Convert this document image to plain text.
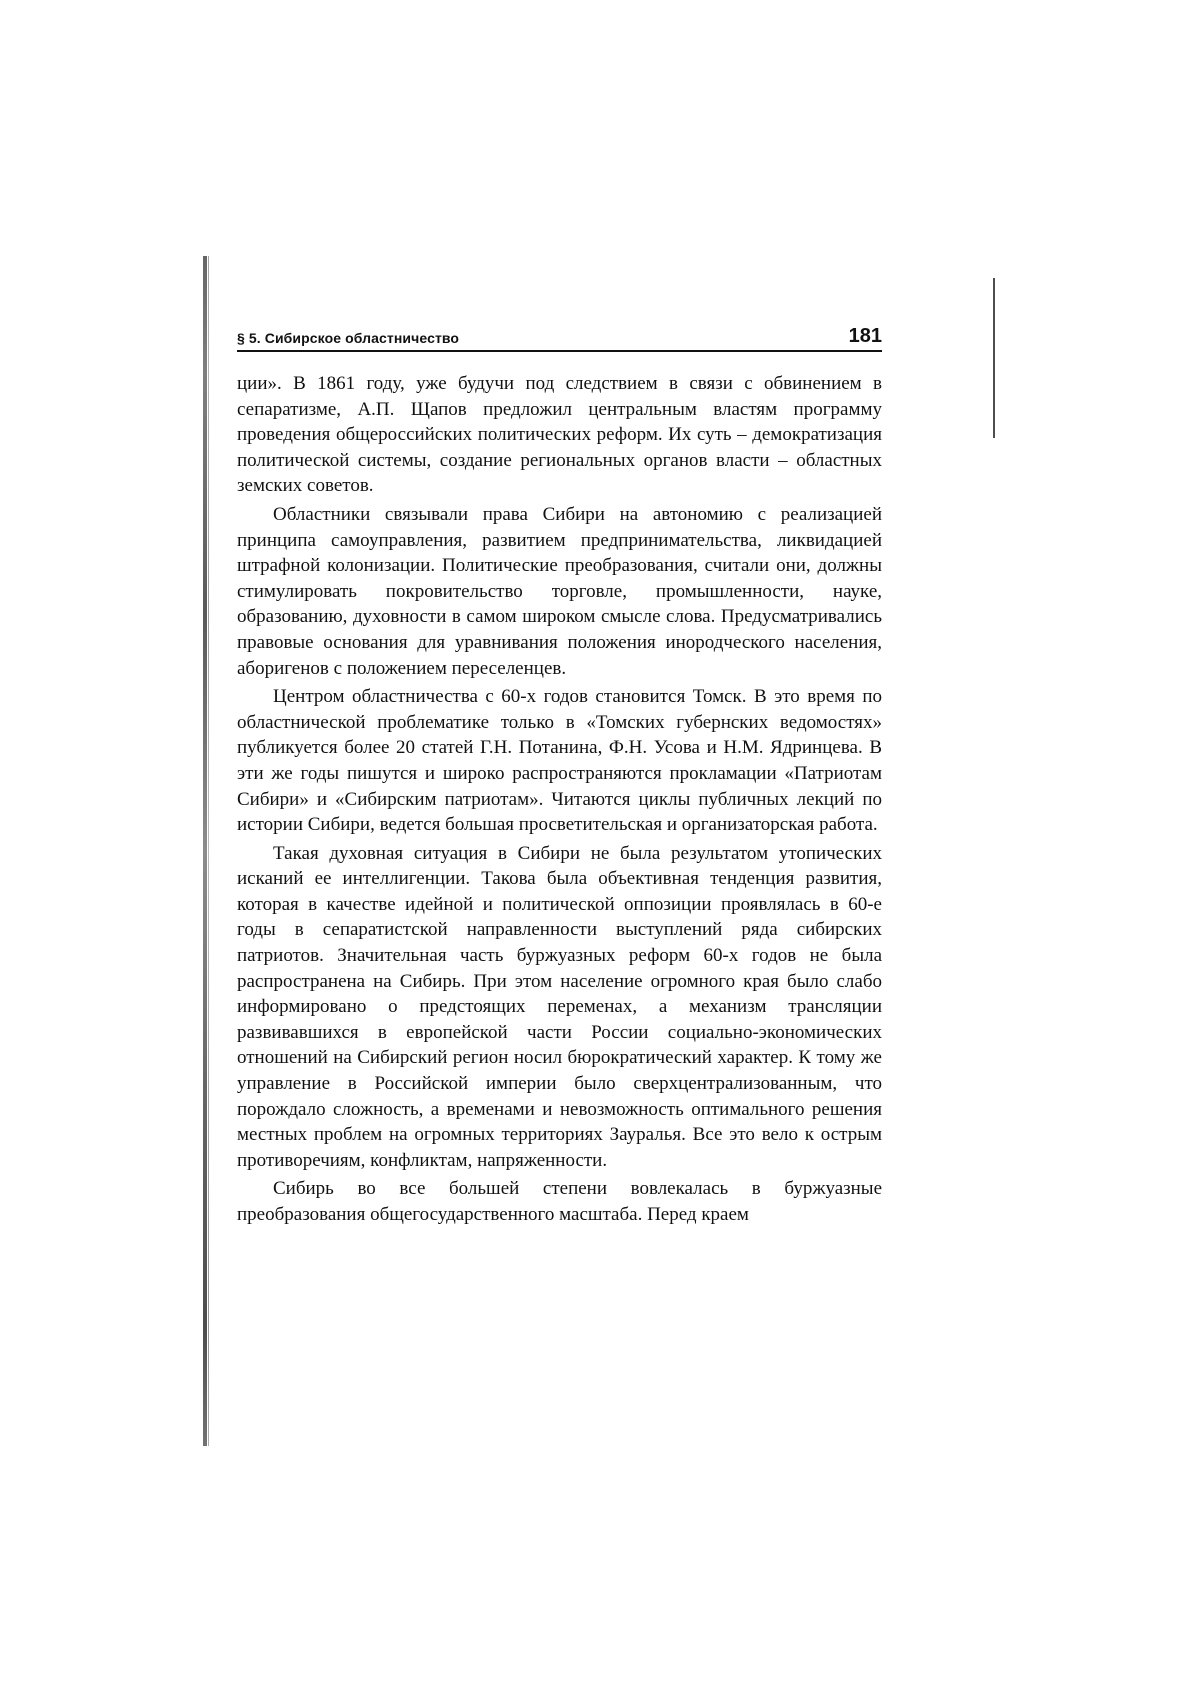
§ 5. Сибирское областничество	181

ции». В 1861 году, уже будучи под следствием в связи с обвинением в сепаратизме, А.П. Щапов предложил центральным властям программу проведения общероссийских политических реформ. Их суть – демократизация политической системы, создание региональных органов власти – областных земских советов.

Областники связывали права Сибири на автономию с реализацией принципа самоуправления, развитием предпринимательства, ликвидацией штрафной колонизации. Политические преобразования, считали они, должны стимулировать покровительство торговле, промышленности, науке, образованию, духовности в самом широком смысле слова. Предусматривались правовые основания для уравнивания положения инородческого населения, аборигенов с положением переселенцев.

Центром областничества с 60-х годов становится Томск. В это время по областнической проблематике только в «Томских губернских ведомостях» публикуется более 20 статей Г.Н. Потанина, Ф.Н. Усова и Н.М. Ядринцева. В эти же годы пишутся и широко распространяются прокламации «Патриотам Сибири» и «Сибирским патриотам». Читаются циклы публичных лекций по истории Сибири, ведется большая просветительская и организаторская работа.

Такая духовная ситуация в Сибири не была результатом утопических исканий ее интеллигенции. Такова была объективная тенденция развития, которая в качестве идейной и политической оппозиции проявлялась в 60-е годы в сепаратистской направленности выступлений ряда сибирских патриотов. Значительная часть буржуазных реформ 60-х годов не была распространена на Сибирь. При этом население огромного края было слабо информировано о предстоящих переменах, а механизм трансляции развивавшихся в европейской части России социально-экономических отношений на Сибирский регион носил бюрократический характер. К тому же управление в Российской империи было сверхцентрализованным, что порождало сложность, а временами и невозможность оптимального решения местных проблем на огромных территориях Зауралья. Все это вело к острым противоречиям, конфликтам, напряженности.

Сибирь во все большей степени вовлекалась в буржуазные преобразования общегосударственного масштаба. Перед краем
